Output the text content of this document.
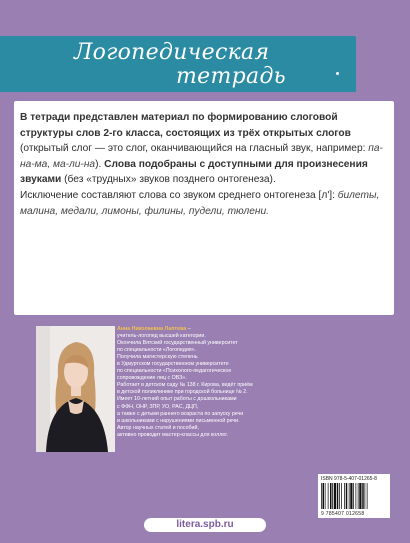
Логопедическая
тетрадь

В тетради представлен материал по формированию слоговой структуры слов 2-го класса, состоящих из трёх открытых слогов (открытый слог — это слог, оканчивающийся на гласный звук, например: па-на-ма, ма-ли-на). Слова подобраны с доступными для произнесения звуками (без «трудных» звуков позднего онтогенеза).

Исключение составляют слова со звуком среднего онтогенеза [л']: билеты, малина, медали, лимоны, филины, пудели, тюлени.

Анна Николаевна Лаптева –
учитель-логопед высшей категории.
Окончила Вятский государственный университет
по специальности «Логопедия».
Получила магистерскую степень
в Удмуртском государственном университете
по специальности «Психолого-педагогическое
сопровождение лиц с ОВЗ».
Работает в детском саду № 138 г. Кирова, ведёт приём
в детской поликлинике при городской больнице № 2.
Имеет 10-летний опыт работы с дошкольниками
с ФФН, ОНР, ЗПР, УО, РАС, ДЦП,
а также с детьми раннего возраста по запуску речи
и школьниками с нарушениями письменной речи.
Автор научных статей и пособий,
активно проводит мастер-классы для коллег.
ISBN 978-5-407-01265-8
9 785407 012658
litera.spb.ru
